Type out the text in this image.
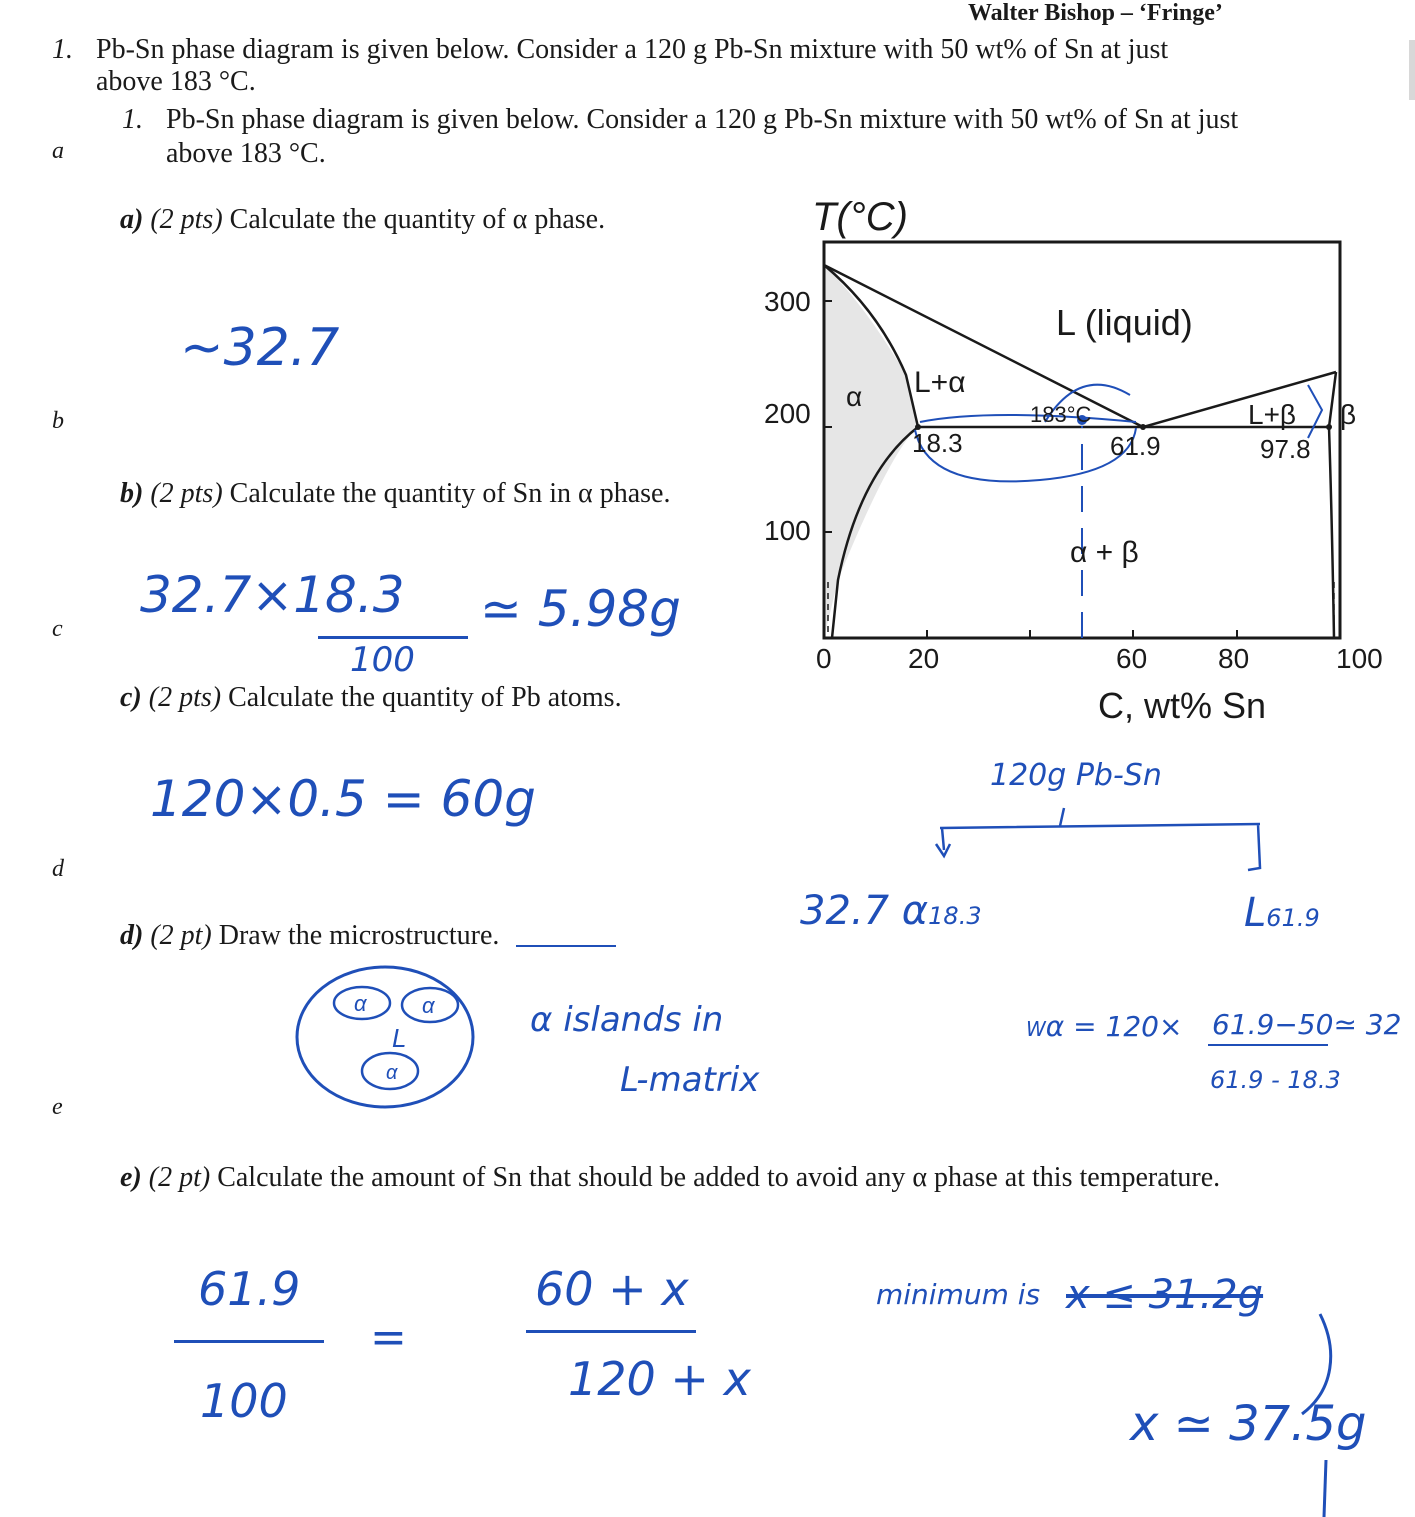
Walter Bishop – ‘Fringe’
1. Pb-Sn phase diagram is given below. Consider a 120 g Pb-Sn mixture with 50 wt% of Sn at just
above 183 °C.
1. Pb-Sn phase diagram is given below. Consider a 120 g Pb-Sn mixture with 50 wt% of Sn at just
above 183 °C.
a
b
c
d
e
a) (2 pts) Calculate the quantity of α phase.
~32.7
b) (2 pts) Calculate the quantity of Sn in α phase.
32.7×18.3
100
≃ 5.98g
c) (2 pts) Calculate the quantity of Pb atoms.
120×0.5 = 60g
d) (2 pt) Draw the microstructure.
α	α
α
L	α islands in
L-matrix
e) (2 pt) Calculate the amount of Sn that should be added to avoid any α phase at this temperature.
61.9
100
=
60 + x
120 + x
minimum is x ≤ 31.2g
x ≃ 37.5g
T(°C)
300
200
100
0	20	60	80	100
C, wt% Sn
L (liquid)
α L+α
L+β β
α + β
183°C
18.3	61.9	97.8
120g Pb-Sn
32.7 α18.3	L61.9
Wα = 120× 61.9−50≃ 32
61.9 - 18.3
